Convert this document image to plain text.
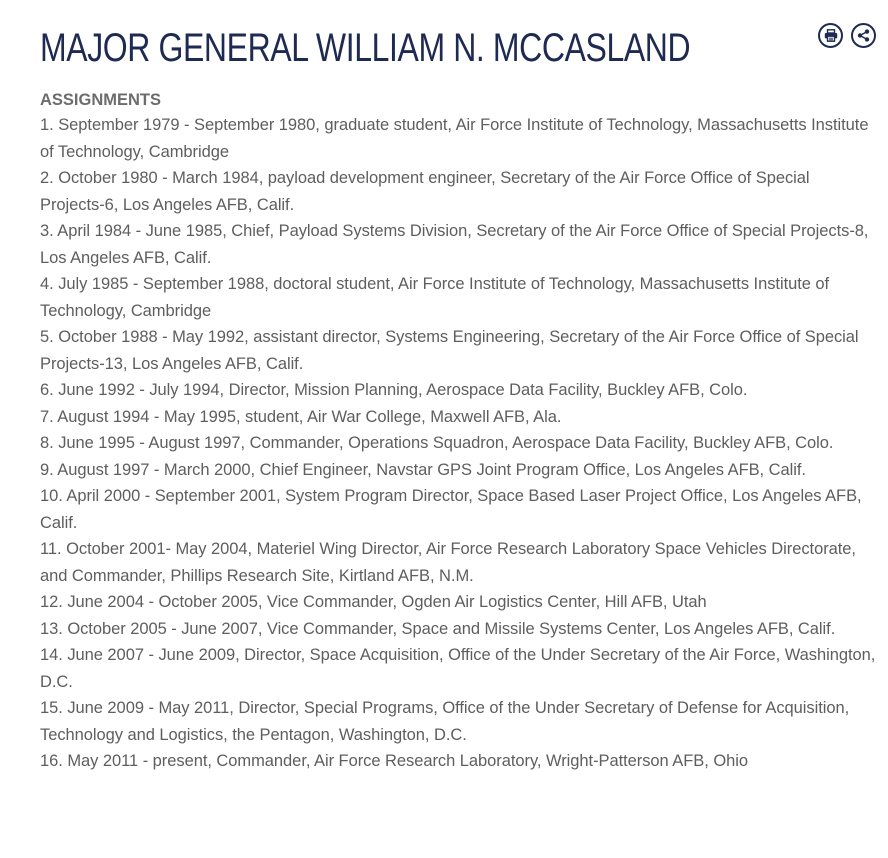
MAJOR GENERAL WILLIAM N. MCCASLAND
ASSIGNMENTS
1. September 1979 - September 1980, graduate student, Air Force Institute of Technology, Massachusetts Institute of Technology, Cambridge
2. October 1980 - March 1984, payload development engineer, Secretary of the Air Force Office of Special Projects-6, Los Angeles AFB, Calif.
3. April 1984 - June 1985, Chief, Payload Systems Division, Secretary of the Air Force Office of Special Projects-8, Los Angeles AFB, Calif.
4. July 1985 - September 1988, doctoral student, Air Force Institute of Technology, Massachusetts Institute of Technology, Cambridge
5. October 1988 - May 1992, assistant director, Systems Engineering, Secretary of the Air Force Office of Special Projects-13, Los Angeles AFB, Calif.
6. June 1992 - July 1994, Director, Mission Planning, Aerospace Data Facility, Buckley AFB, Colo.
7. August 1994 - May 1995, student, Air War College, Maxwell AFB, Ala.
8. June 1995 - August 1997, Commander, Operations Squadron, Aerospace Data Facility, Buckley AFB, Colo.
9. August 1997 - March 2000, Chief Engineer, Navstar GPS Joint Program Office, Los Angeles AFB, Calif.
10. April 2000 - September 2001, System Program Director, Space Based Laser Project Office, Los Angeles AFB, Calif.
11. October 2001- May 2004, Materiel Wing Director, Air Force Research Laboratory Space Vehicles Directorate, and Commander, Phillips Research Site, Kirtland AFB, N.M.
12. June 2004 - October 2005, Vice Commander, Ogden Air Logistics Center, Hill AFB, Utah
13. October 2005 - June 2007, Vice Commander, Space and Missile Systems Center, Los Angeles AFB, Calif.
14. June 2007 - June 2009, Director, Space Acquisition, Office of the Under Secretary of the Air Force, Washington, D.C.
15. June 2009 - May 2011, Director, Special Programs, Office of the Under Secretary of Defense for Acquisition, Technology and Logistics, the Pentagon, Washington, D.C.
16. May 2011 - present, Commander, Air Force Research Laboratory, Wright-Patterson AFB, Ohio
